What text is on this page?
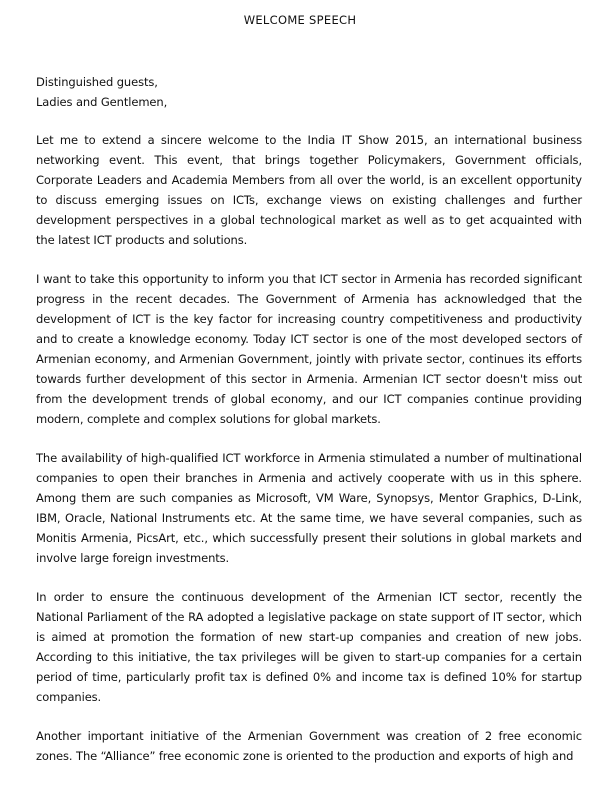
WELCOME SPEECH

Distinguished guests,

Ladies and Gentlemen,

Let me to extend a sincere welcome to the India IT Show 2015, an international business networking event. This event, that brings together Policymakers, Government officials, Corporate Leaders and Academia Members from all over the world, is an excellent opportunity to discuss emerging issues on ICTs, exchange views on existing challenges and further development perspectives in a global technological market as well as to get acquainted with the latest ICT products and solutions.

I want to take this opportunity to inform you that ICT sector in Armenia has recorded significant progress in the recent decades. The Government of Armenia has acknowledged that the development of ICT is the key factor for increasing country competitiveness and productivity and to create a knowledge economy. Today ICT sector is one of the most developed sectors of Armenian economy, and Armenian Government, jointly with private sector, continues its efforts towards further development of this sector in Armenia. Armenian ICT sector doesn't miss out from the development trends of global economy, and our ICT companies continue providing modern, complete and complex solutions for global markets.

The availability of high-qualified ICT workforce in Armenia stimulated a number of multinational companies to open their branches in Armenia and actively cooperate with us in this sphere. Among them are such companies as Microsoft, VM Ware, Synopsys, Mentor Graphics, D-Link, IBM, Oracle, National Instruments etc. At the same time, we have several companies, such as Monitis Armenia, PicsArt, etc., which successfully present their solutions in global markets and involve large foreign investments.

In order to ensure the continuous development of the Armenian ICT sector, recently the National Parliament of the RA adopted a legislative package on state support of IT sector, which is aimed at promotion the formation of new start-up companies and creation of new jobs. According to this initiative, the tax privileges will be given to start-up companies for a certain period of time, particularly profit tax is defined 0% and income tax is defined 10% for startup companies.

Another important initiative of the Armenian Government was creation of 2 free economic zones. The “Alliance” free economic zone is oriented to the production and exports of high and
